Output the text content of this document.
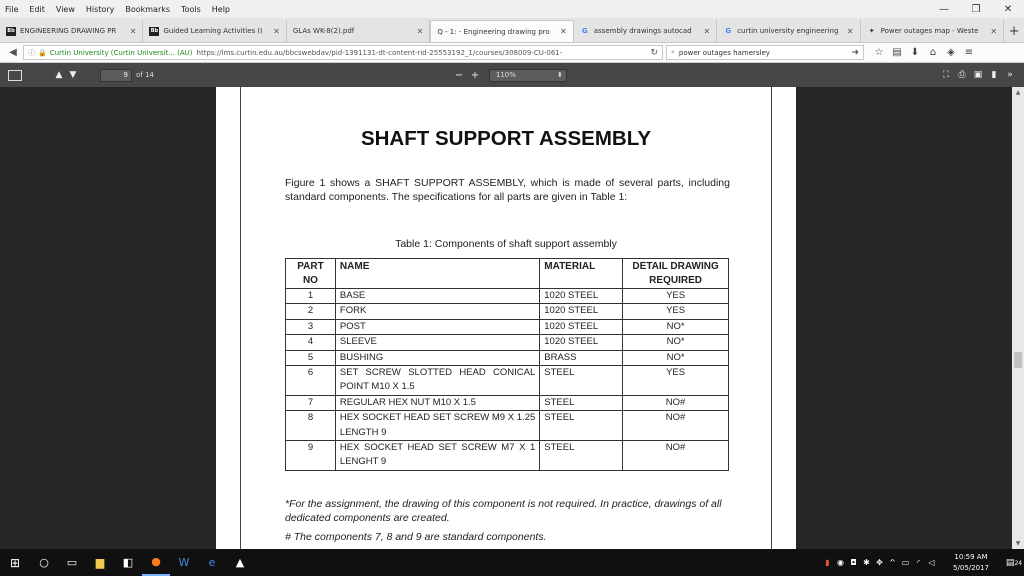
File	Edit	View	History	Bookmarks	Tools	Help	—	❐	✕
Bb ENGINEERING DRAWING PR	✕	Bb Guided Learning Activities (I	✕ GLAs WK-8(2).pdf	✕ Q - 1: - Engineering drawing pro	✕	G assembly drawings autocad	✕	G curtin university engineering	✕ ✦ Power outages map - Weste	✕ +
◀	ⓘ 🔒 Curtin University (Curtin Universit... (AU) https://lms.curtin.edu.au/bbcswebdav/pid-1391131-dt-content-rid-25553192_1/courses/308009-CU-061-	↻ ⌕
power outages hamersley	➜	☆ ▤ ⬇	⌂	◈ ≡
▲ ▼	9	of 14	− +	110%	⬍	⛶	⎙ ▣	▮	»
SHAFT SUPPORT ASSEMBLY

Figure 1 shows a SHAFT SUPPORT ASSEMBLY, which is made of several parts, including standard components. The specifications for all parts are given in Table 1:

Table 1: Components of shaft support assembly
PART NO	NAME	MATERIAL	DETAIL DRAWING REQUIRED
1	BASE	1020 STEEL	YES
2	FORK	1020 STEEL	YES
3	POST	1020 STEEL	NO*
4	SLEEVE	1020 STEEL	NO*
5	BUSHING	BRASS	NO*
6	SET SCREW SLOTTED HEAD CONICAL POINT M10 X 1.5	STEEL	YES
7	REGULAR HEX NUT M10 X 1.5	STEEL	NO#
8	HEX SOCKET HEAD SET SCREW M9 X 1.25 LENGTH 9	STEEL	NO#
9	HEX SOCKET HEAD SET SCREW M7 X 1 LENGHT 9	STEEL	NO#

*For the assignment, the drawing of this component is not required. In practice, drawings of all dedicated components are created.

# The components 7, 8 and 9 are standard components.

▲
▼
⊞	○	▭	▆	◧	●	W	e	▲	▮ ◉ ◘ ✱ ✥ ^ ▭ ◜	◁
10:59 AM
5/05/2017	▤24
